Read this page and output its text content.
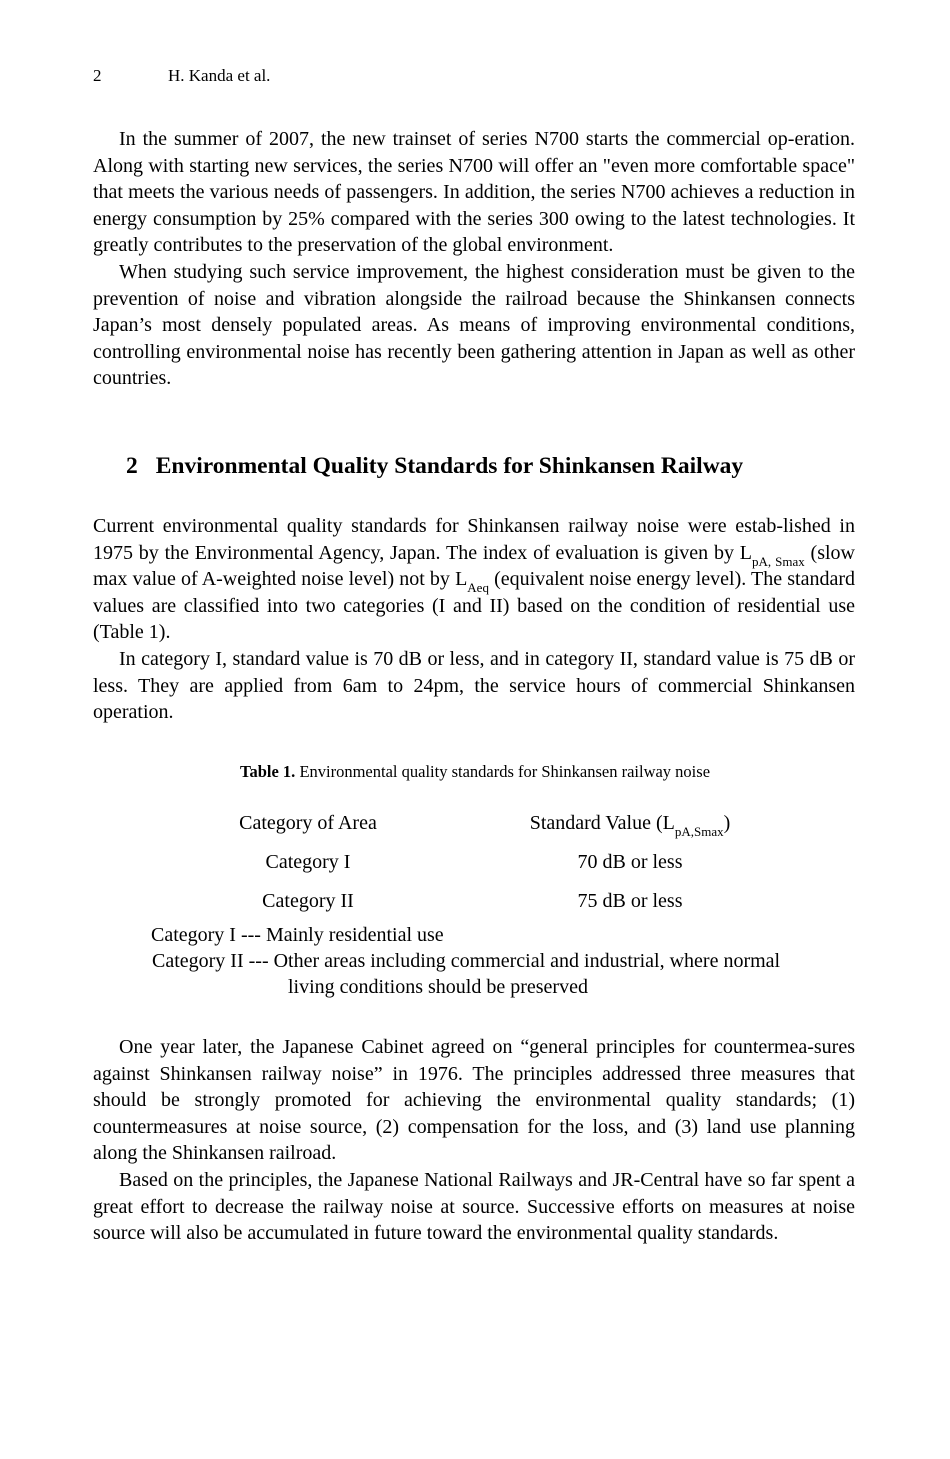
2	H. Kanda et al.

In the summer of 2007, the new trainset of series N700 starts the commercial op-eration. Along with starting new services, the series N700 will offer an "even more comfortable space" that meets the various needs of passengers. In addition, the series N700 achieves a reduction in energy consumption by 25% compared with the series 300 owing to the latest technologies. It greatly contributes to the preservation of the global environment.

When studying such service improvement, the highest consideration must be given to the prevention of noise and vibration alongside the railroad because the Shinkansen connects Japan’s most densely populated areas. As means of improving environmental conditions, controlling environmental noise has recently been gathering attention in Japan as well as other countries.

2 Environmental Quality Standards for Shinkansen Railway

Current environmental quality standards for Shinkansen railway noise were estab-lished in 1975 by the Environmental Agency, Japan. The index of evaluation is given by $L_{pA, Smax}$ (slow max value of A-weighted noise level) not by $L_{Aeq}$ (equivalent noise energy level). The standard values are classified into two categories (I and II) based on the condition of residential use (Table 1).

In category I, standard value is 70 dB or less, and in category II, standard value is 75 dB or less. They are applied from 6am to 24pm, the service hours of commercial Shinkansen operation.

Table 1. Environmental quality standards for Shinkansen railway noise
Category of Area	Standard Value $(L_{pA,Smax})$
Category I	70 dB or less
Category II	75 dB or less
Category I --- Mainly residential use
Category II --- Other areas including commercial and industrial, where normal
living conditions should be preserved

One year later, the Japanese Cabinet agreed on “general principles for countermea-sures against Shinkansen railway noise” in 1976. The principles addressed three measures that should be strongly promoted for achieving the environmental quality standards; (1) countermeasures at noise source, (2) compensation for the loss, and (3) land use planning along the Shinkansen railroad.

Based on the principles, the Japanese National Railways and JR-Central have so far spent a great effort to decrease the railway noise at source. Successive efforts on measures at noise source will also be accumulated in future toward the environmental quality standards.
